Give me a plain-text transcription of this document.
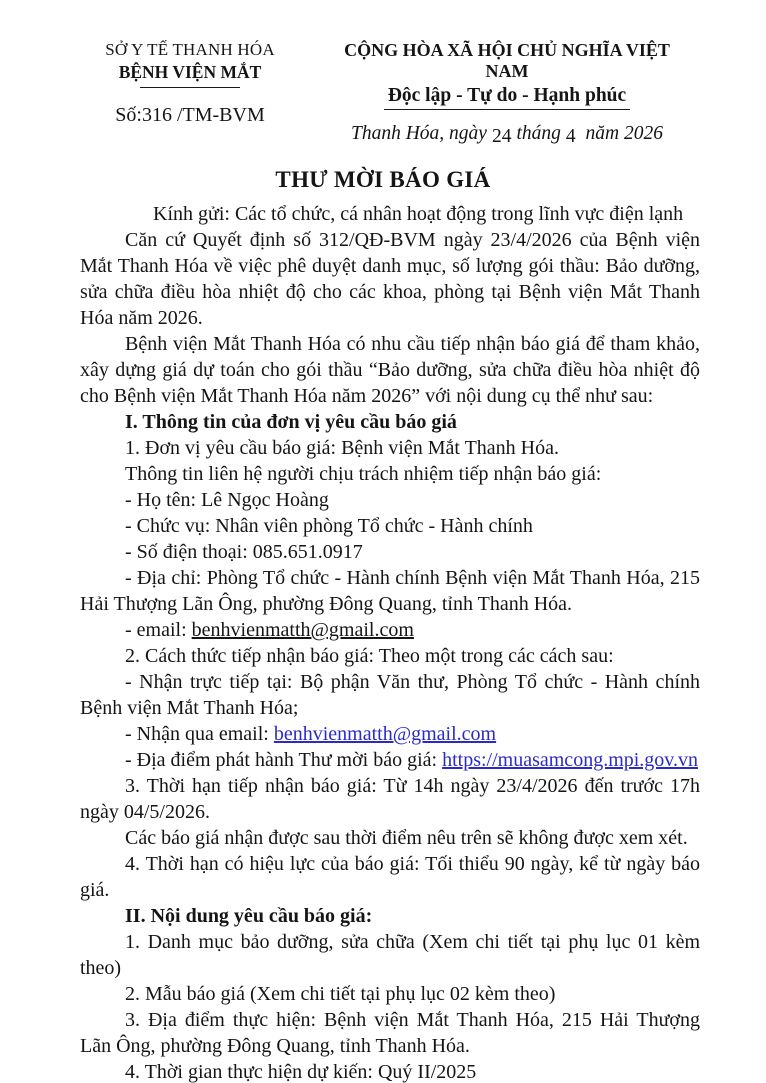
SỞ Y TẾ THANH HÓA
BỆNH VIỆN MẮT
Số:316 /TM-BVM
CỘNG HÒA XÃ HỘI CHỦ NGHĨA VIỆT NAM
Độc lập - Tự do - Hạnh phúc
Thanh Hóa, ngày 24 tháng 4 năm 2026
THƯ MỜI BÁO GIÁ

Kính gửi: Các tổ chức, cá nhân hoạt động trong lĩnh vực điện lạnh

Căn cứ Quyết định số 312/QĐ-BVM ngày 23/4/2026 của Bệnh viện Mắt Thanh Hóa về việc phê duyệt danh mục, số lượng gói thầu: Bảo dưỡng, sửa chữa điều hòa nhiệt độ cho các khoa, phòng tại Bệnh viện Mắt Thanh Hóa năm 2026.

Bệnh viện Mắt Thanh Hóa có nhu cầu tiếp nhận báo giá để tham khảo, xây dựng giá dự toán cho gói thầu “Bảo dưỡng, sửa chữa điều hòa nhiệt độ cho Bệnh viện Mắt Thanh Hóa năm 2026” với nội dung cụ thể như sau:

I. Thông tin của đơn vị yêu cầu báo giá

1. Đơn vị yêu cầu báo giá: Bệnh viện Mắt Thanh Hóa.

Thông tin liên hệ người chịu trách nhiệm tiếp nhận báo giá:

- Họ tên: Lê Ngọc Hoàng

- Chức vụ: Nhân viên phòng Tổ chức - Hành chính

- Số điện thoại: 085.651.0917

- Địa chỉ: Phòng Tổ chức - Hành chính Bệnh viện Mắt Thanh Hóa, 215 Hải Thượng Lãn Ông, phường Đông Quang, tỉnh Thanh Hóa.

- email: benhvienmatth@gmail.com

2. Cách thức tiếp nhận báo giá: Theo một trong các cách sau:

- Nhận trực tiếp tại: Bộ phận Văn thư, Phòng Tổ chức - Hành chính Bệnh viện Mắt Thanh Hóa;

- Nhận qua email: benhvienmatth@gmail.com

- Địa điểm phát hành Thư mời báo giá: https://muasamcong.mpi.gov.vn

3. Thời hạn tiếp nhận báo giá: Từ 14h ngày 23/4/2026 đến trước 17h ngày 04/5/2026.

Các báo giá nhận được sau thời điểm nêu trên sẽ không được xem xét.

4. Thời hạn có hiệu lực của báo giá: Tối thiểu 90 ngày, kể từ ngày báo giá.

II. Nội dung yêu cầu báo giá:

1. Danh mục bảo dưỡng, sửa chữa (Xem chi tiết tại phụ lục 01 kèm theo)

2. Mẫu báo giá (Xem chi tiết tại phụ lục 02 kèm theo)

3. Địa điểm thực hiện: Bệnh viện Mắt Thanh Hóa, 215 Hải Thượng Lãn Ông, phường Đông Quang, tỉnh Thanh Hóa.

4. Thời gian thực hiện dự kiến: Quý II/2025
